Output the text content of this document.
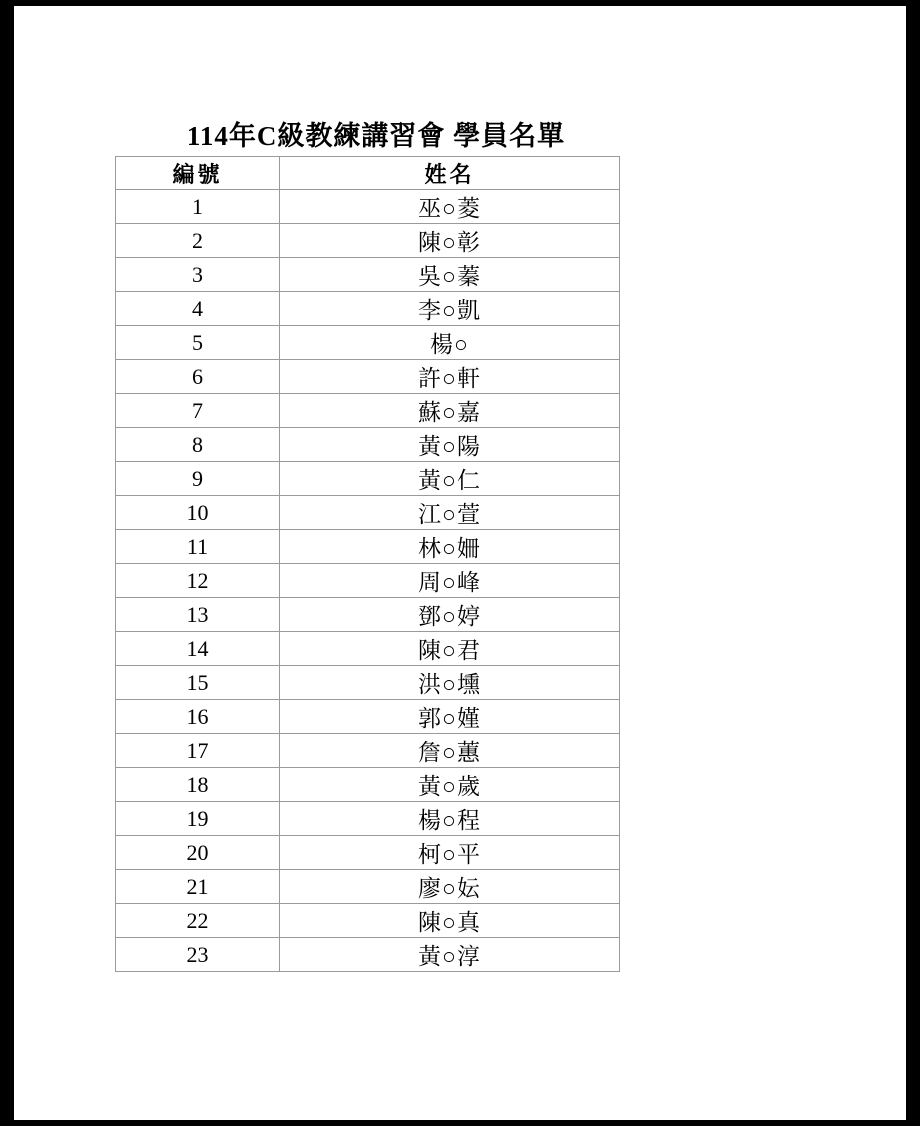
114年C級教練講習會 學員名單
編號	姓名
1	巫○菱
2	陳○彰
3	吳○蓁
4	李○凱
5	楊○
6	許○軒
7	蘇○嘉
8	黃○陽
9	黃○仁
10	江○萱
11	林○姍
12	周○峰
13	鄧○婷
14	陳○君
15	洪○壎
16	郭○嫤
17	詹○蕙
18	黃○歲
19	楊○程
20	柯○平
21	廖○妘
22	陳○真
23	黃○淳
